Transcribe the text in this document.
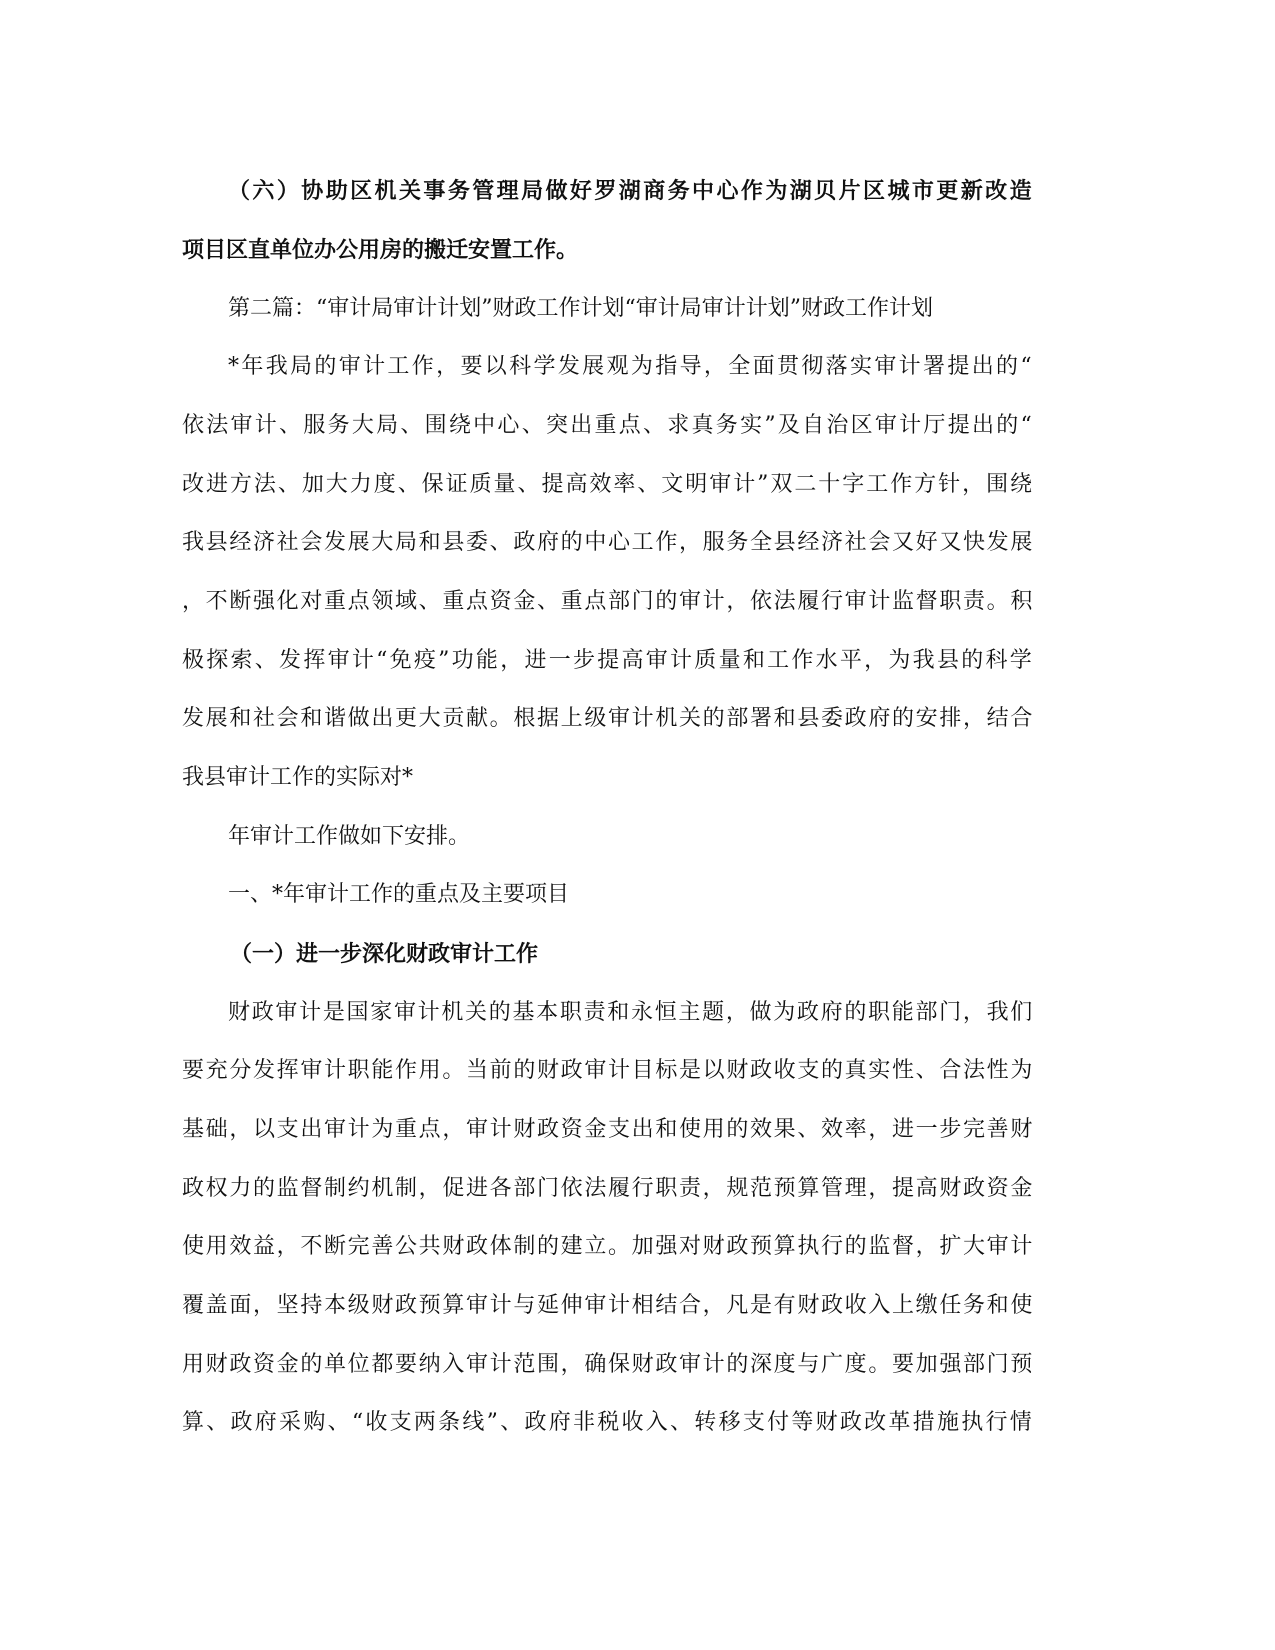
（六）协助区机关事务管理局做好罗湖商务中心作为湖贝片区城市更新改造
项目区直单位办公用房的搬迁安置工作。
第二篇：“审计局审计计划”财政工作计划“审计局审计计划”财政工作计划
*年我局的审计工作，要以科学发展观为指导，全面贯彻落实审计署提出的“
依法审计、服务大局、围绕中心、突出重点、求真务实”及自治区审计厅提出的“
改进方法、加大力度、保证质量、提高效率、文明审计”双二十字工作方针，围绕
我县经济社会发展大局和县委、政府的中心工作，服务全县经济社会又好又快发展
，不断强化对重点领域、重点资金、重点部门的审计，依法履行审计监督职责。积
极探索、发挥审计“免疫”功能，进一步提高审计质量和工作水平，为我县的科学
发展和社会和谐做出更大贡献。根据上级审计机关的部署和县委政府的安排，结合
我县审计工作的实际对*
年审计工作做如下安排。
一、*年审计工作的重点及主要项目
（一）进一步深化财政审计工作
财政审计是国家审计机关的基本职责和永恒主题，做为政府的职能部门，我们
要充分发挥审计职能作用。当前的财政审计目标是以财政收支的真实性、合法性为
基础，以支出审计为重点，审计财政资金支出和使用的效果、效率，进一步完善财
政权力的监督制约机制，促进各部门依法履行职责，规范预算管理，提高财政资金
使用效益，不断完善公共财政体制的建立。加强对财政预算执行的监督，扩大审计
覆盖面，坚持本级财政预算审计与延伸审计相结合，凡是有财政收入上缴任务和使
用财政资金的单位都要纳入审计范围，确保财政审计的深度与广度。要加强部门预
算、政府采购、“收支两条线”、政府非税收入、转移支付等财政改革措施执行情
